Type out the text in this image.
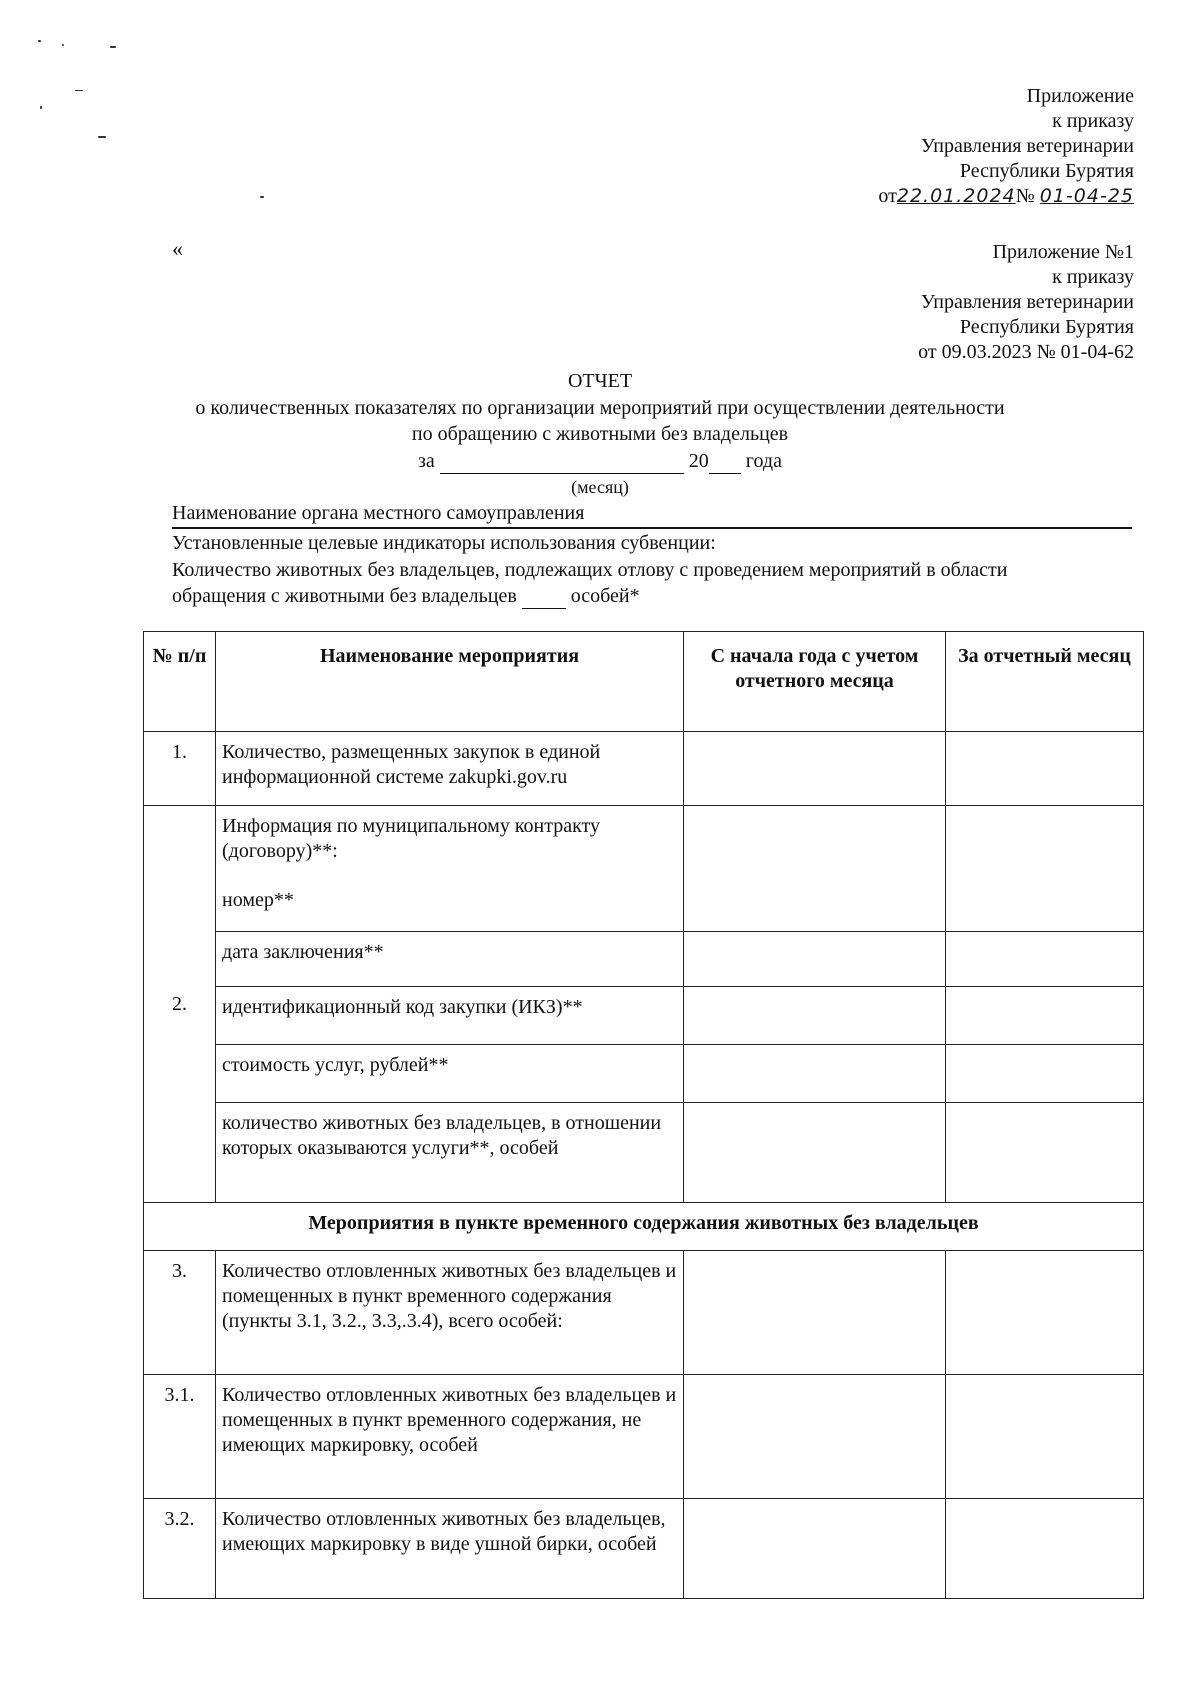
Приложение
к приказу
Управления ветеринарии
Республики Бурятия
от22.01.2024№ 01-04-25
«	Приложение №1
к приказу
Управления ветеринарии
Республики Бурятия
от 09.03.2023 № 01-04-62
ОТЧЕТ
о количественных показателях по организации мероприятий при осуществлении деятельности
по обращению с животными без владельцев
за	20 года
(месяц)
Наименование органа местного самоуправления
Установленные целевые индикаторы использования субвенции:
Количество животных без владельцев, подлежащих отлову с проведением мероприятий в области
обращения с животными без владельцев	особей*
№ п/п	Наименование мероприятия	С начала года с учетом отчетного месяца	За отчетный месяц
1.	Количество, размещенных закупок в единой информационной системе zakupki.gov.ru		
2.	Информация по муниципальному контракту (договору)**:
номер**		

	дата заключения**		
	идентификационный код закупки (ИКЗ)**		
	стоимость услуг, рублей**		
	количество животных без владельцев, в отношении которых оказываются услуги**, особей		
Мероприятия в пункте временного содержания животных без владельцев			
3.	Количество отловленных животных без владельцев и помещенных в пункт временного содержания (пункты 3.1, 3.2., 3.3,.3.4), всего особей:		
3.1.	Количество отловленных животных без владельцев и помещенных в пункт временного содержания, не имеющих маркировку, особей		
3.2.	Количество отловленных животных без владельцев, имеющих маркировку в виде ушной бирки, особей		
